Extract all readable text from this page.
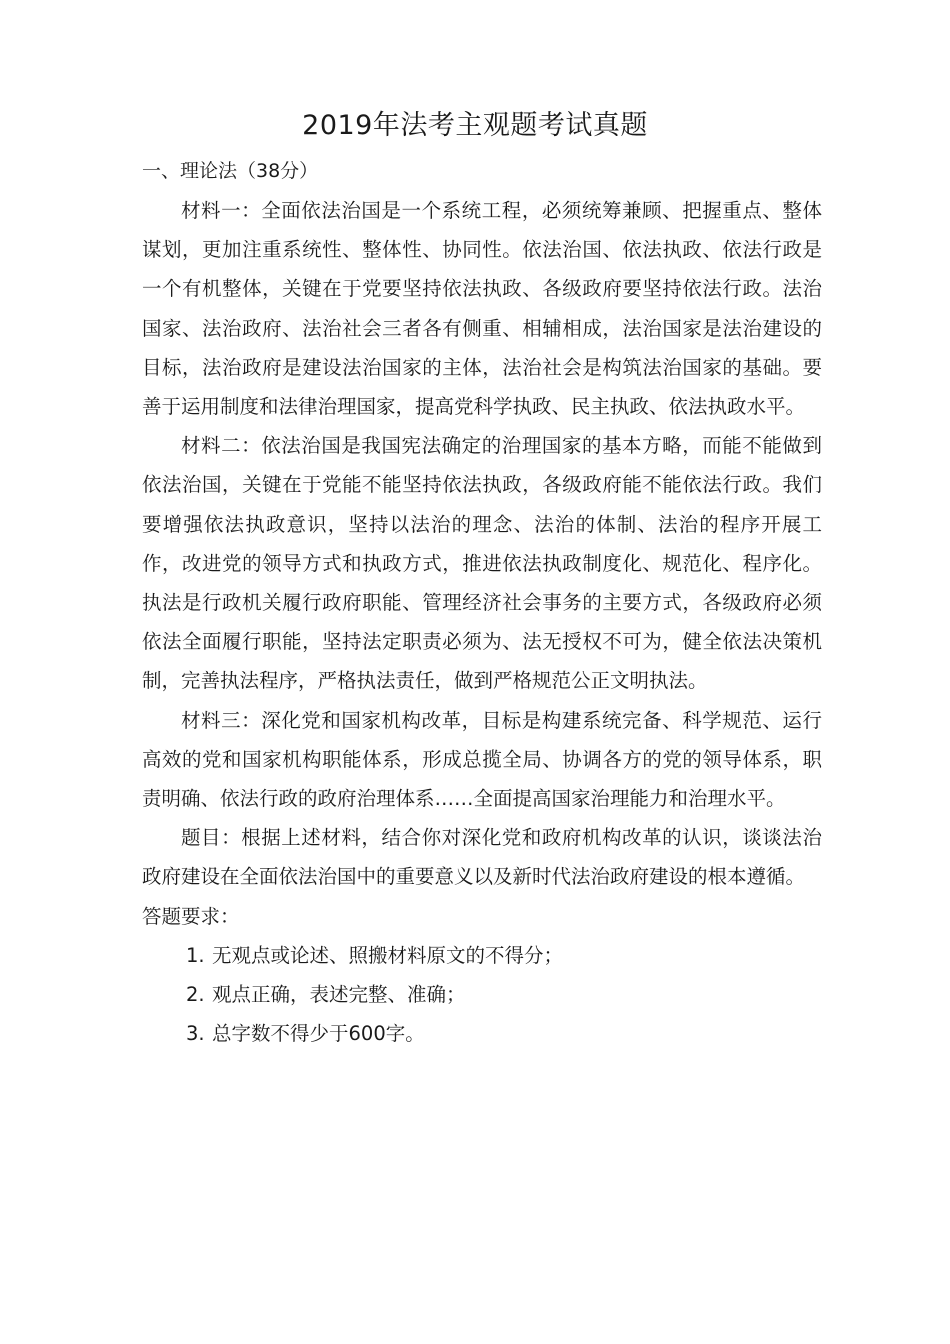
2019年法考主观题考试真题
一、理论法（38分）

材料一：全面依法治国是一个系统工程，必须统筹兼顾、把握重点、整体谋划，更加注重系统性、整体性、协同性。依法治国、依法执政、依法行政是一个有机整体，关键在于党要坚持依法执政、各级政府要坚持依法行政。法治国家、法治政府、法治社会三者各有侧重、相辅相成，法治国家是法治建设的目标，法治政府是建设法治国家的主体，法治社会是构筑法治国家的基础。要善于运用制度和法律治理国家，提高党科学执政、民主执政、依法执政水平。

材料二：依法治国是我国宪法确定的治理国家的基本方略，而能不能做到依法治国，关键在于党能不能坚持依法执政，各级政府能不能依法行政。我们要增强依法执政意识，坚持以法治的理念、法治的体制、法治的程序开展工作，改进党的领导方式和执政方式，推进依法执政制度化、规范化、程序化。执法是行政机关履行政府职能、管理经济社会事务的主要方式，各级政府必须依法全面履行职能，坚持法定职责必须为、法无授权不可为，健全依法决策机制，完善执法程序，严格执法责任，做到严格规范公正文明执法。

材料三：深化党和国家机构改革，目标是构建系统完备、科学规范、运行高效的党和国家机构职能体系，形成总揽全局、协调各方的党的领导体系，职责明确、依法行政的政府治理体系……全面提高国家治理能力和治理水平。

题目：根据上述材料，结合你对深化党和政府机构改革的认识，谈谈法治政府建设在全面依法治国中的重要意义以及新时代法治政府建设的根本遵循。

答题要求：

1. 无观点或论述、照搬材料原文的不得分；
2. 观点正确，表述完整、准确；
3. 总字数不得少于600字。
